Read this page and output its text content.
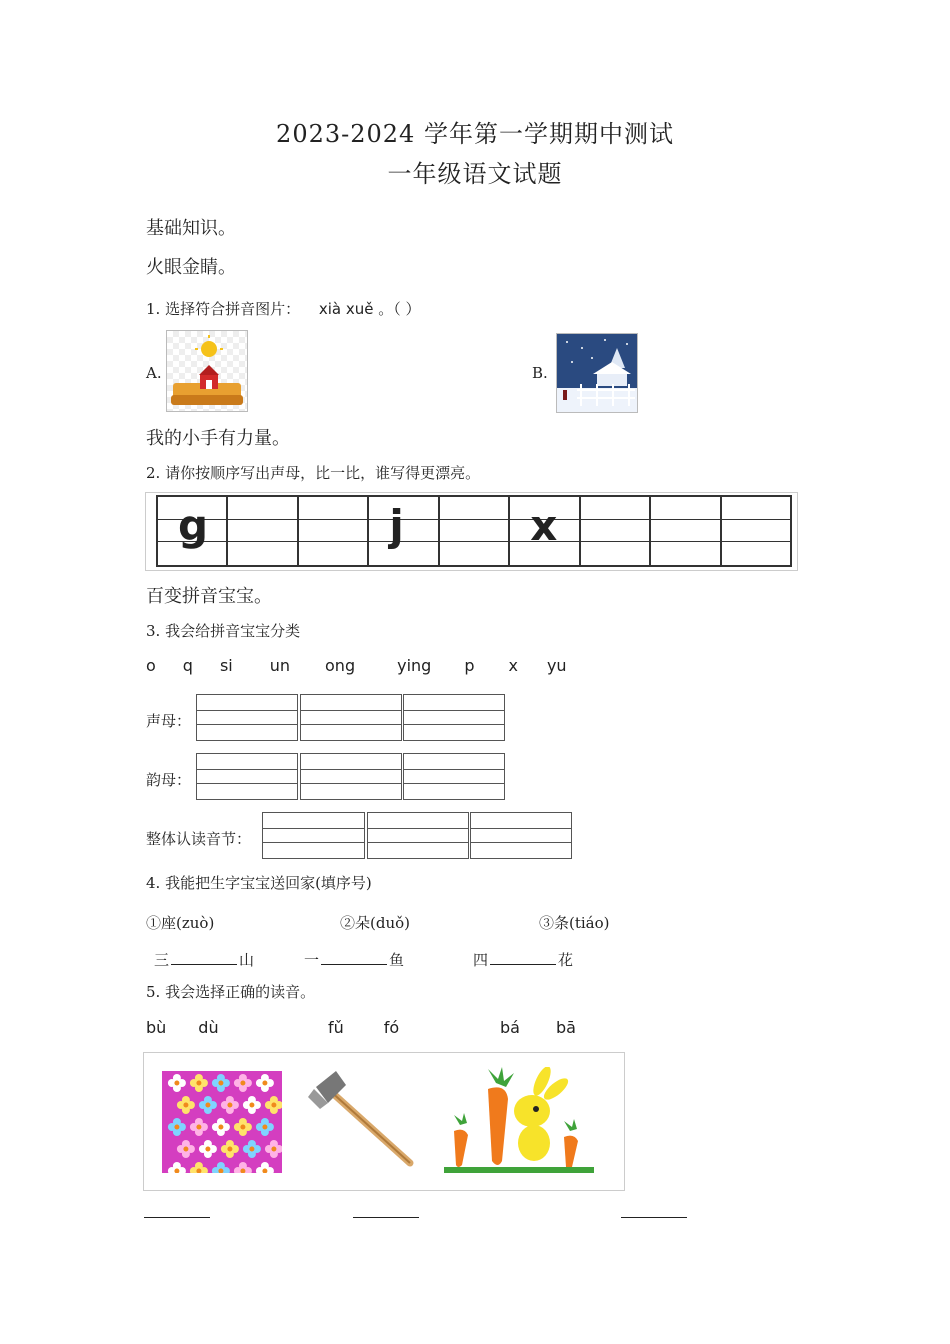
2023-2024 学年第一学期期中测试
一年级语文试题
基础知识。
火眼金睛。
1. 选择符合拼音图片： xià xuě 。（ ）
A.	B.
我的小手有力量。
2. 请你按顺序写出声母，比一比，谁写得更漂亮。
g	j	x
百变拼音宝宝。
3. 我会给拼音宝宝分类
o q si un ong	ying p x yu
声母：
韵母：
整体认读音节：
4. 我能把生字宝宝送回家(填序号)
①座(zuò)	②朵(duǒ)	③条(tiáo)
三	山	一	鱼	四	花
5. 我会选择正确的读音。
bù dù	fǔ	fó	bá bā
